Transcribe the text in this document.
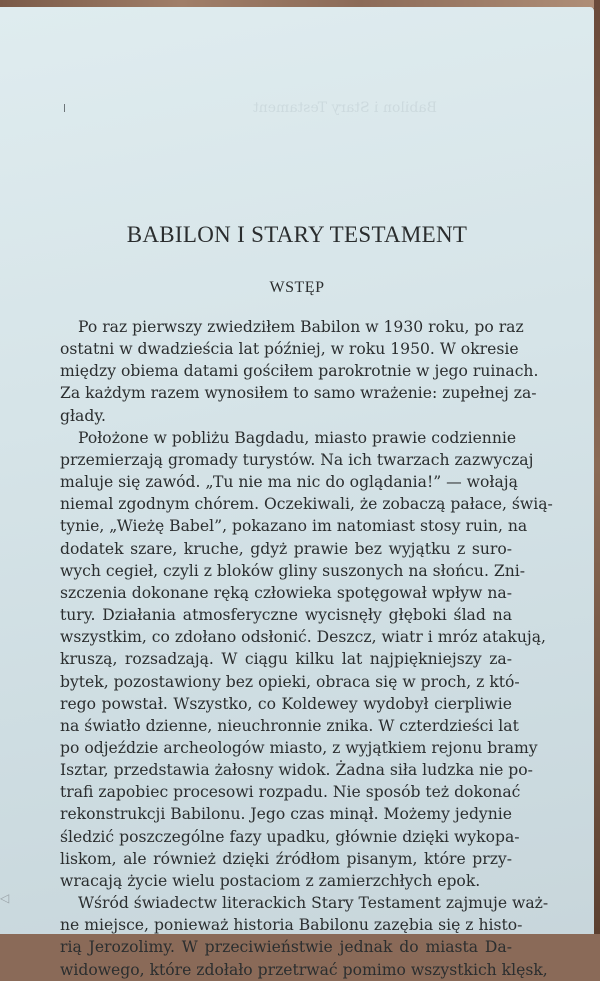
Babilon i Stary Testament
BABILON I STARY TESTAMENT
WSTĘP
Po raz pierwszy zwiedziłem Babilon w 1930 roku, po raz
ostatni w dwadzieścia lat później, w roku 1950. W okresie
między obiema datami gościłem parokrotnie w jego ruinach.
Za każdym razem wynosiłem to samo wrażenie: zupełnej za-
głady.
Położone w pobliżu Bagdadu, miasto prawie codziennie
przemierzają gromady turystów. Na ich twarzach zazwyczaj
maluje się zawód. „Tu nie ma nic do oglądania!” — wołają
niemal zgodnym chórem. Oczekiwali, że zobaczą pałace, świą-
tynie, „Wieżę Babel”, pokazano im natomiast stosy ruin, na
dodatek szare, kruche, gdyż prawie bez wyjątku z suro-
wych cegieł, czyli z bloków gliny suszonych na słońcu. Zni-
szczenia dokonane ręką człowieka spotęgował wpływ na-
tury. Działania atmosferyczne wycisnęły głęboki ślad na
wszystkim, co zdołano odsłonić. Deszcz, wiatr i mróz atakują,
kruszą, rozsadzają. W ciągu kilku lat najpiękniejszy za-
bytek, pozostawiony bez opieki, obraca się w proch, z któ-
rego powstał. Wszystko, co Koldewey wydobył cierpliwie
na światło dzienne, nieuchronnie znika. W czterdzieści lat
po odjeździe archeologów miasto, z wyjątkiem rejonu bramy
Isztar, przedstawia żałosny widok. Żadna siła ludzka nie po-
trafi zapobiec procesowi rozpadu. Nie sposób też dokonać
rekonstrukcji Babilonu. Jego czas minął. Możemy jedynie
śledzić poszczególne fazy upadku, głównie dzięki wykopa-
liskom, ale również dzięki źródłom pisanym, które przy-
wracają życie wielu postaciom z zamierzchłych epok.
Wśród świadectw literackich Stary Testament zajmuje waż-
ne miejsce, ponieważ historia Babilonu zazębia się z histo-
rią Jerozolimy. W przeciwieństwie jednak do miasta Da-
widowego, które zdołało przetrwać pomimo wszystkich klęsk,
◁
